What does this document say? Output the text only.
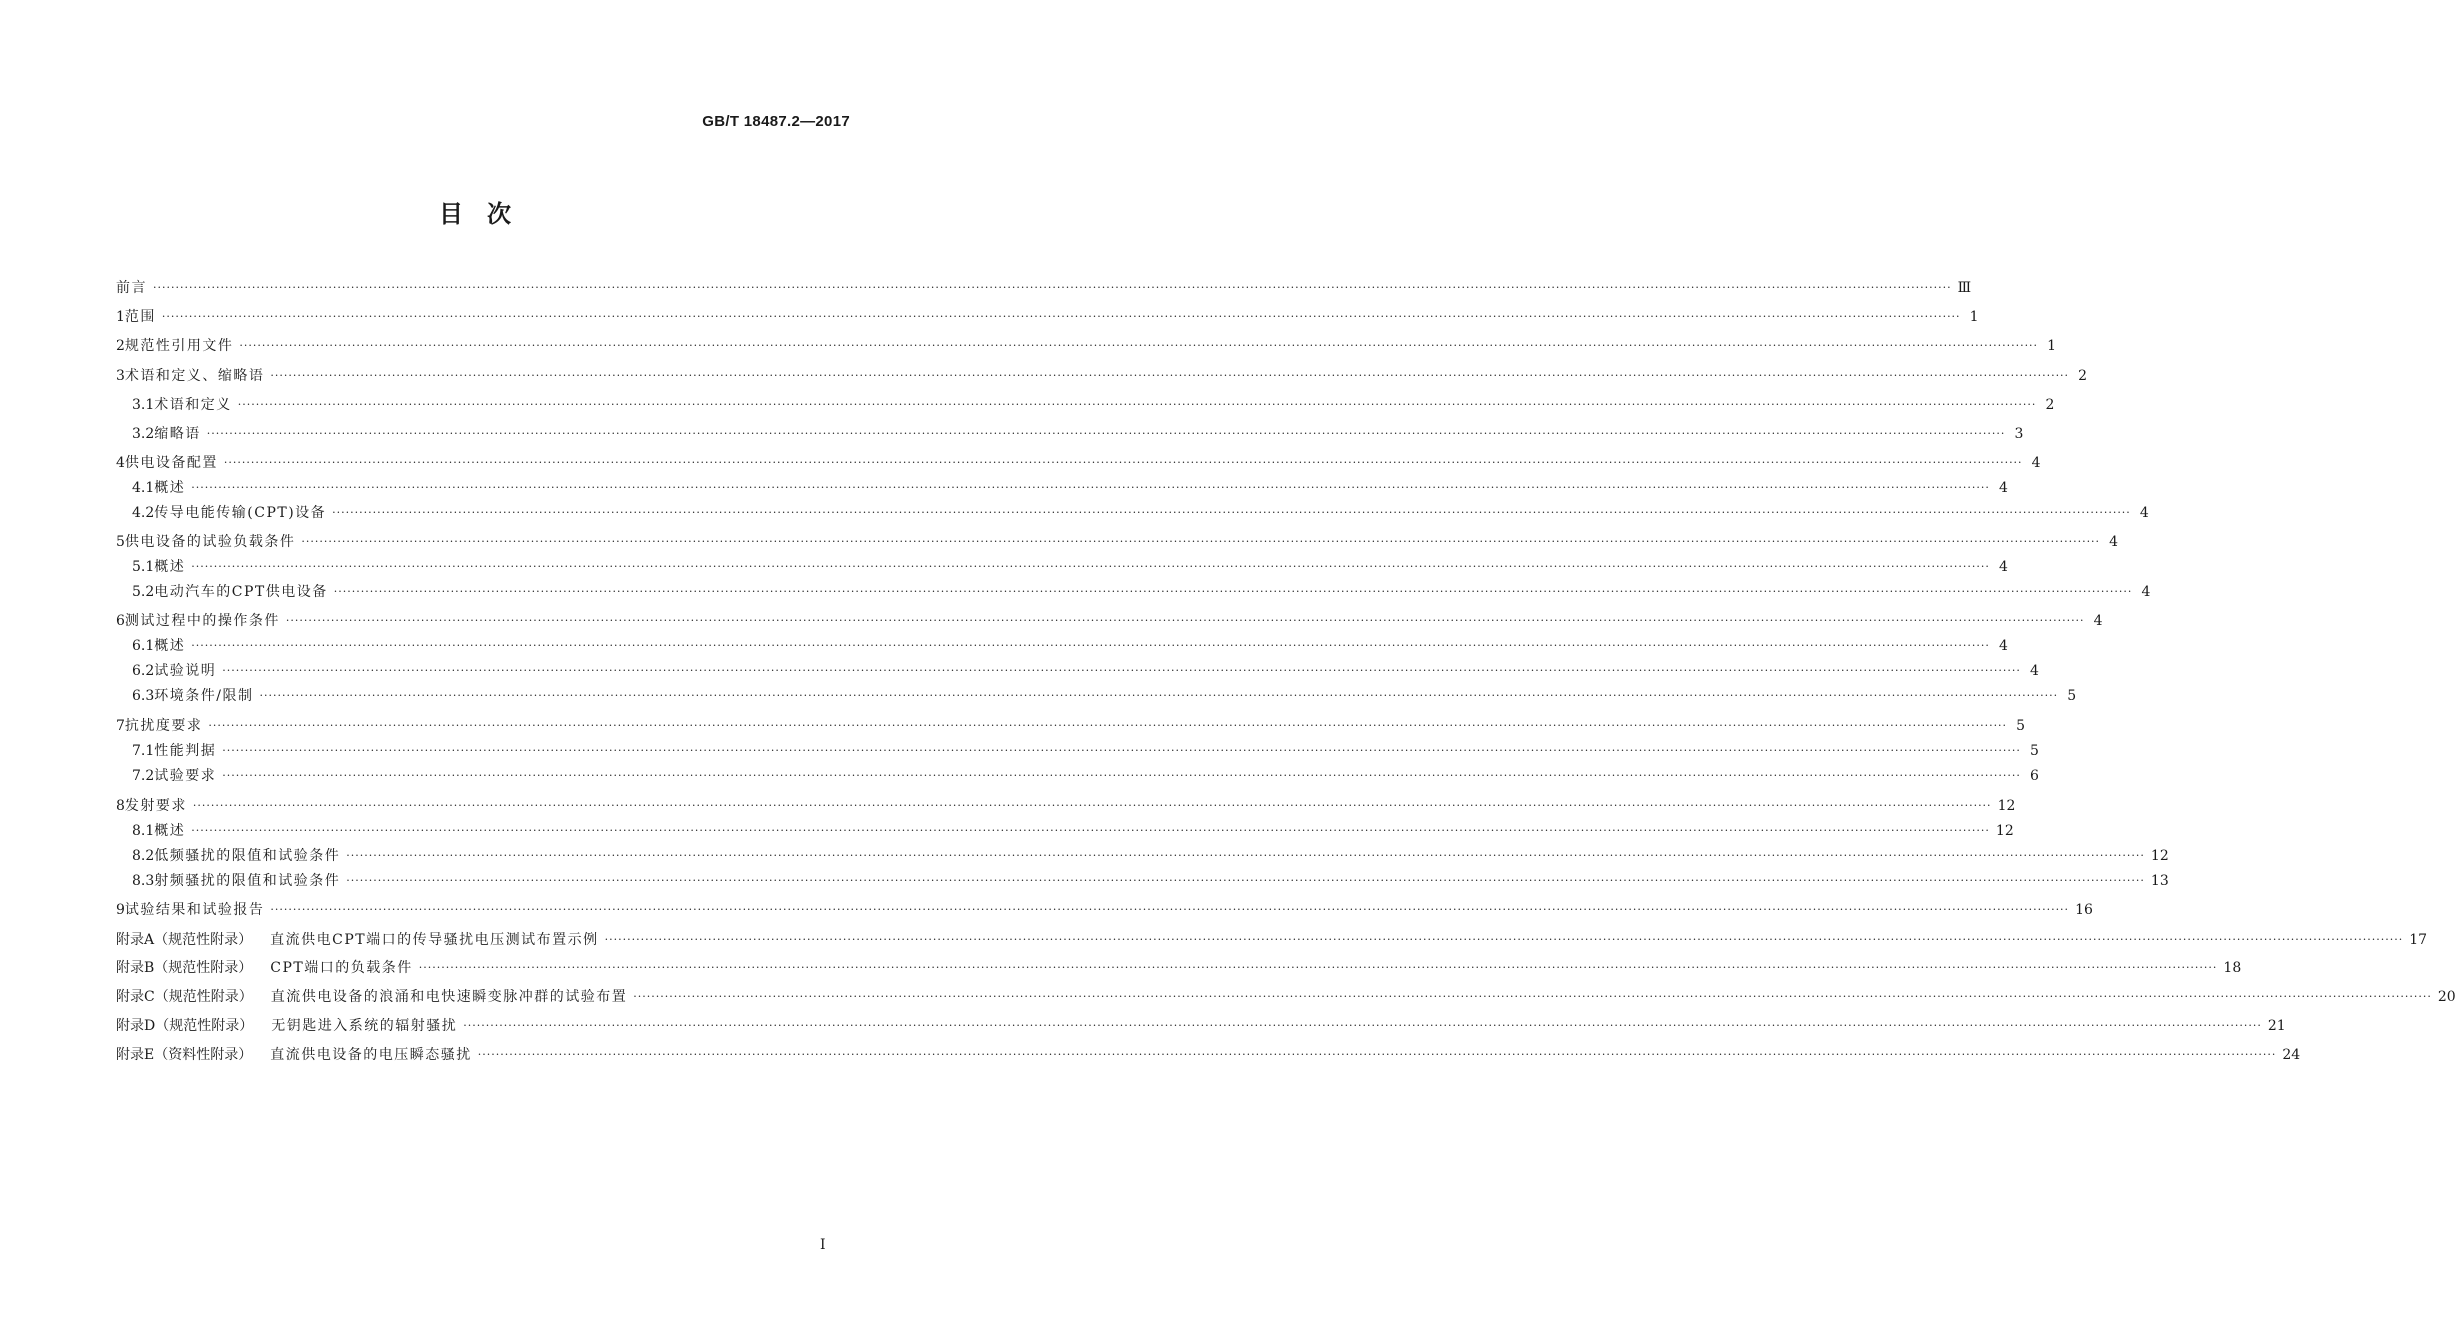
GB/T 18487.2—2017
目　次
前言 ················································································································································································································································································································································································································ Ⅲ
1 范围 ················································································································································································································································································································································································································ 1
2 规范性引用文件 ················································································································································································································································································································································································································ 1
3 术语和定义、缩略语 ················································································································································································································································································································································································································ 2
3.1 术语和定义 ················································································································································································································································································································································································································ 2
3.2 缩略语 ················································································································································································································································································································································································································ 3
4 供电设备配置 ················································································································································································································································································································································································································ 4
4.1 概述 ················································································································································································································································································································································································································ 4
4.2 传导电能传输(CPT)设备 ················································································································································································································································································································································································································ 4
5 供电设备的试验负载条件 ················································································································································································································································································································································································································ 4
5.1 概述 ················································································································································································································································································································································································································ 4
5.2 电动汽车的CPT供电设备 ················································································································································································································································································································································································································ 4
6 测试过程中的操作条件 ················································································································································································································································································································································································································ 4
6.1 概述 ················································································································································································································································································································································································································ 4
6.2 试验说明 ················································································································································································································································································································································································································ 4
6.3 环境条件/限制 ················································································································································································································································································································································································································ 5
7 抗扰度要求 ················································································································································································································································································································································································································ 5
7.1 性能判据 ················································································································································································································································································································································································································ 5
7.2 试验要求 ················································································································································································································································································································································································································ 6
8 发射要求 ················································································································································································································································································································································································································ 12
8.1 概述 ················································································································································································································································································································································································································ 12
8.2 低频骚扰的限值和试验条件 ················································································································································································································································································································································································································ 12
8.3 射频骚扰的限值和试验条件 ················································································································································································································································································································································································································ 13
9 试验结果和试验报告 ················································································································································································································································································································································································································ 16
附录A（规范性附录） 直流供电CPT端口的传导骚扰电压测试布置示例 ················································································································································································································································································································································································································ 17
附录B（规范性附录） CPT端口的负载条件 ················································································································································································································································································································································································································ 18
附录C（规范性附录） 直流供电设备的浪涌和电快速瞬变脉冲群的试验布置 ················································································································································································································································································································································································································ 20
附录D（规范性附录） 无钥匙进入系统的辐射骚扰 ················································································································································································································································································································································································································ 21
附录E（资料性附录） 直流供电设备的电压瞬态骚扰 ················································································································································································································································································································································································································ 24
I
